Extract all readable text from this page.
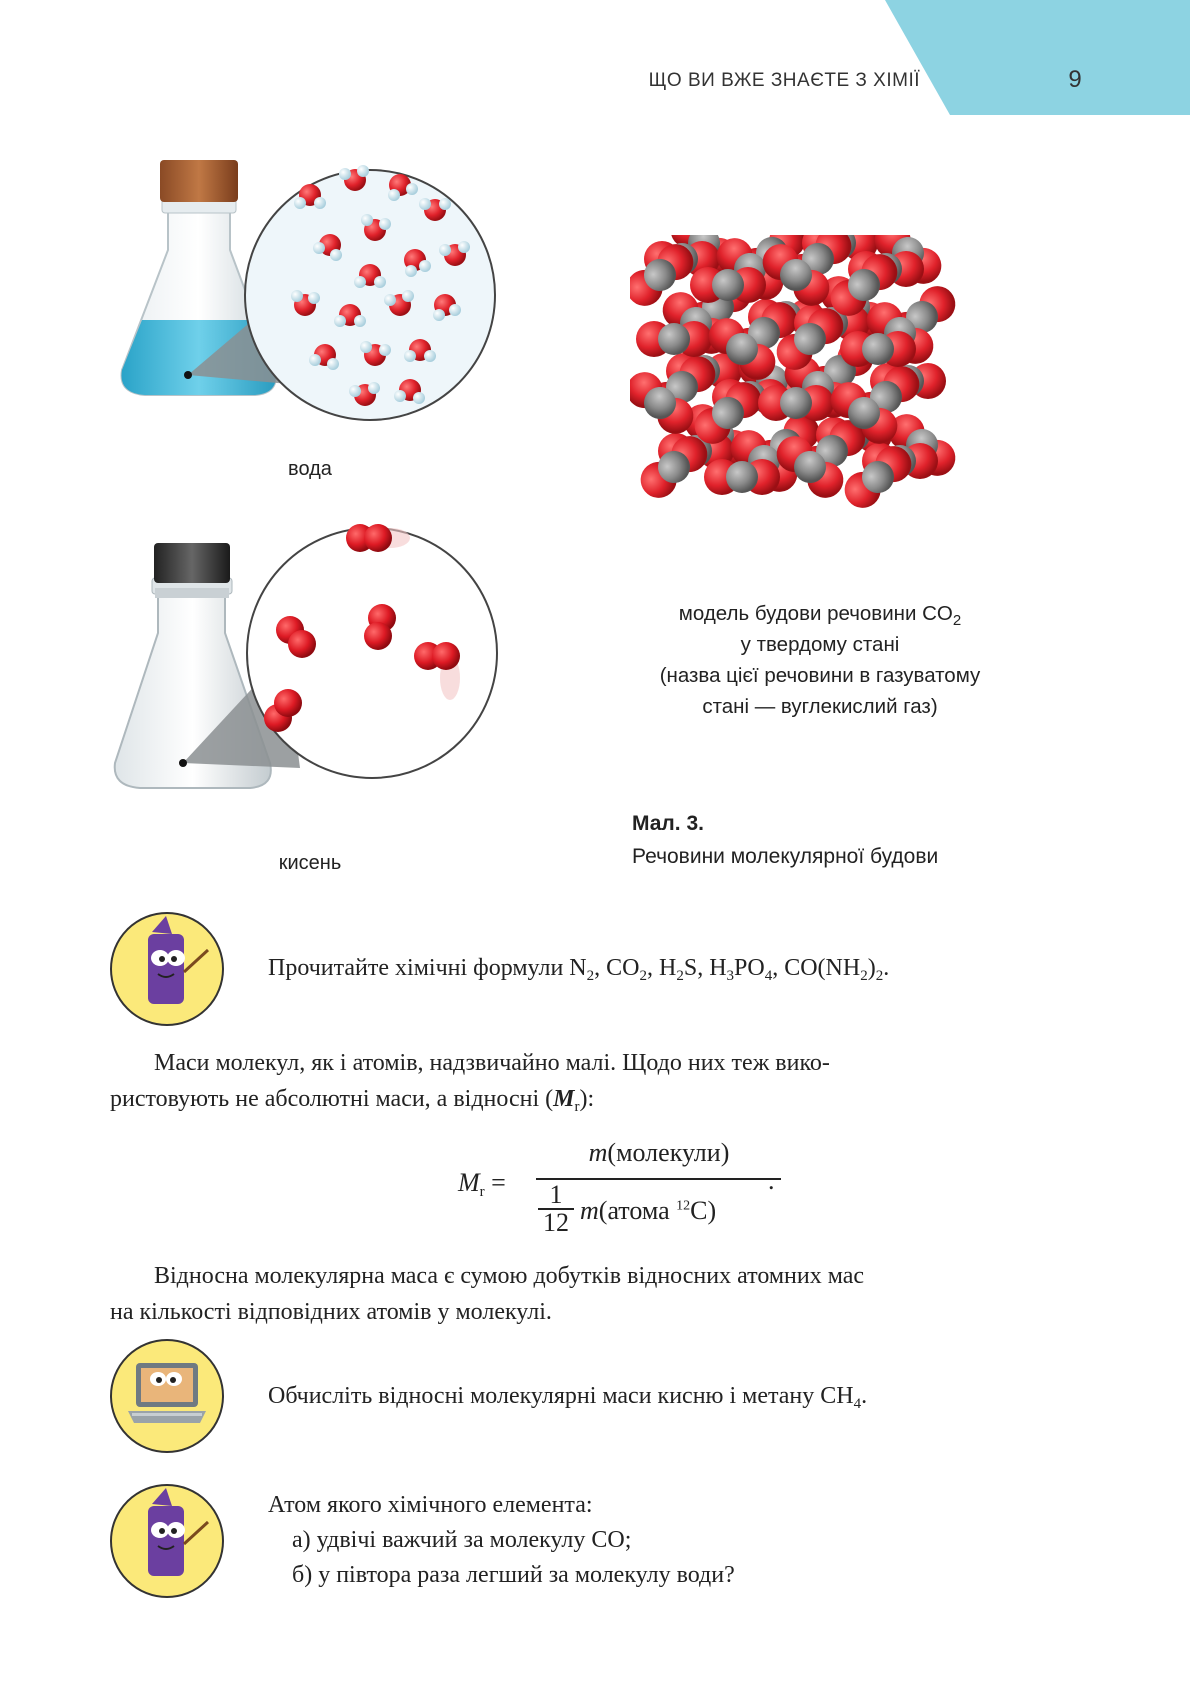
ЩО ВИ ВЖЕ ЗНАЄТЕ З ХІМІЇ	9
вода
кисень
модель будови речовини $CO_2$
у твердому стані
(назва цієї речовини в газуватому
стані — вуглекислий газ)
Мал. 3.
Речовини молекулярної будови
Прочитайте хімічні формули $N_2$, $CO_2$, $H_2S$, $H_3PO_4$, $CO(NH_2)_2$.
Маси молекул, як і атомів, надзвичайно малі. Щодо них теж вико-
ристовують не абсолютні маси, а відносні $(M_r)$:
$M_r$ =
m(молекули)
1
12 m(атома $^{12}$C)
.
Відносна молекулярна маса є сумою добутків відносних атомних мас
на кількості відповідних атомів у молекулі.
Обчисліть відносні молекулярні маси кисню і метану $CH_4$.
Атом якого хімічного елемента:
а) удвічі важчий за молекулу CO;
б) у півтора раза легший за молекулу води?
